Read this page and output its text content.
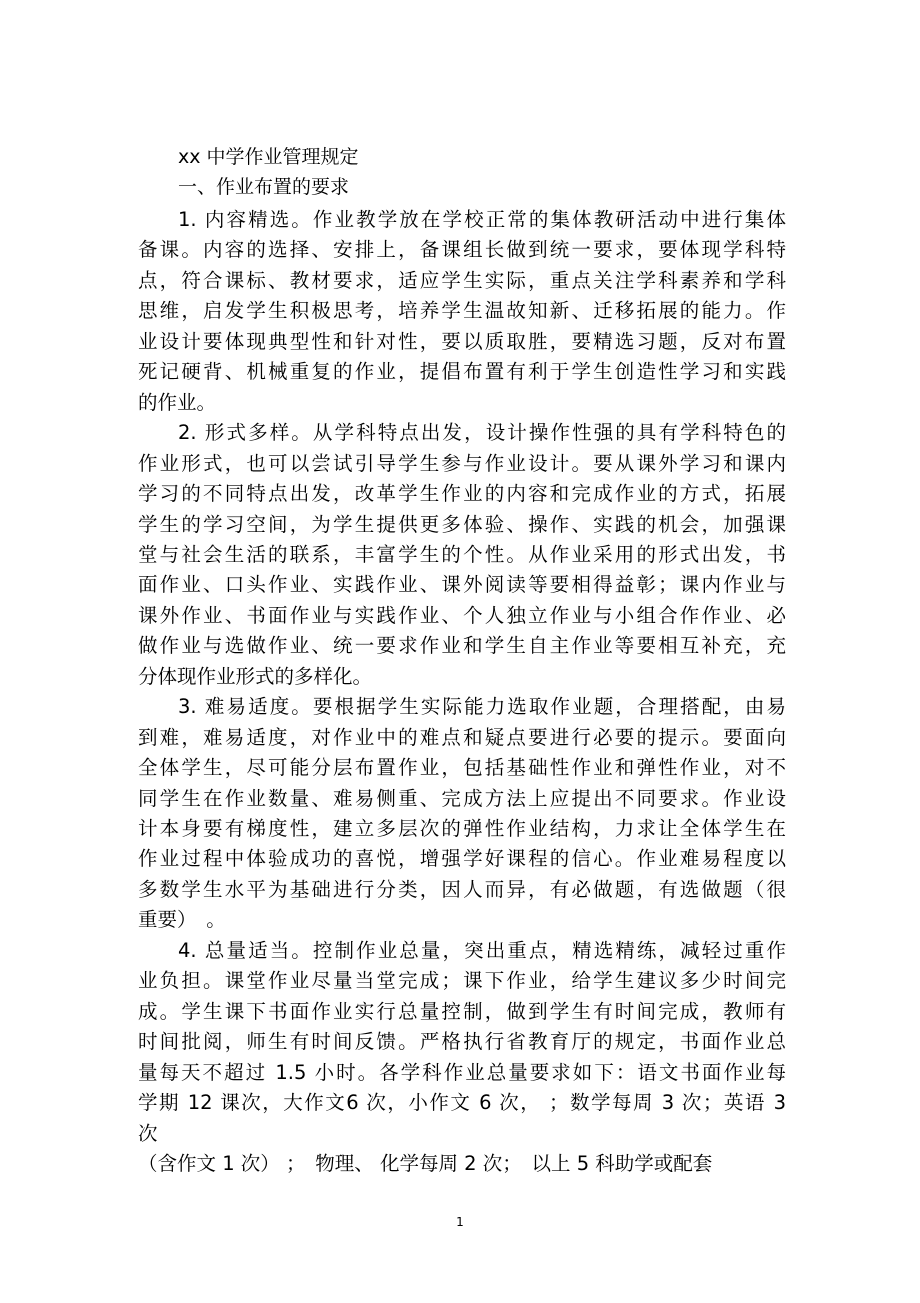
xx 中学作业管理规定
一、作业布置的要求
1. 内容精选。作业教学放在学校正常的集体教研活动中进行集体
备课。内容的选择、安排上，备课组长做到统一要求，要体现学科特
点，符合课标、教材要求，适应学生实际，重点关注学科素养和学科
思维，启发学生积极思考，培养学生温故知新、迁移拓展的能力。作
业设计要体现典型性和针对性，要以质取胜，要精选习题，反对布置
死记硬背、机械重复的作业，提倡布置有利于学生创造性学习和实践
的作业。
2. 形式多样。从学科特点出发，设计操作性强的具有学科特色的
作业形式，也可以尝试引导学生参与作业设计。要从课外学习和课内
学习的不同特点出发，改革学生作业的内容和完成作业的方式，拓展
学生的学习空间，为学生提供更多体验、操作、实践的机会，加强课
堂与社会生活的联系，丰富学生的个性。从作业采用的形式出发，书
面作业、口头作业、实践作业、课外阅读等要相得益彰；课内作业与
课外作业、书面作业与实践作业、个人独立作业与小组合作作业、必
做作业与选做作业、统一要求作业和学生自主作业等要相互补充，充
分体现作业形式的多样化。
3. 难易适度。要根据学生实际能力选取作业题，合理搭配，由易
到难，难易适度，对作业中的难点和疑点要进行必要的提示。要面向
全体学生，尽可能分层布置作业，包括基础性作业和弹性作业，对不
同学生在作业数量、难易侧重、完成方法上应提出不同要求。作业设
计本身要有梯度性，建立多层次的弹性作业结构，力求让全体学生在
作业过程中体验成功的喜悦，增强学好课程的信心。作业难易程度以
多数学生水平为基础进行分类，因人而异，有必做题，有选做题（很
重要）　。
4. 总量适当。控制作业总量，突出重点，精选精练，减轻过重作
业负担。课堂作业尽量当堂完成；课下作业，给学生建议多少时间完
成。学生课下书面作业实行总量控制，做到学生有时间完成，教师有
时间批阅，师生有时间反馈。严格执行省教育厅的规定，书面作业总
量每天不超过 1.5 小时。各学科作业总量要求如下：语文书面作业每
学期 12 课次，大作文6 次，小作文 6 次， ；数学每周 3 次；英语 3
次
（含作文 1 次） ；　物理、 化学每周 2 次；　以上 5 科助学或配套
1
